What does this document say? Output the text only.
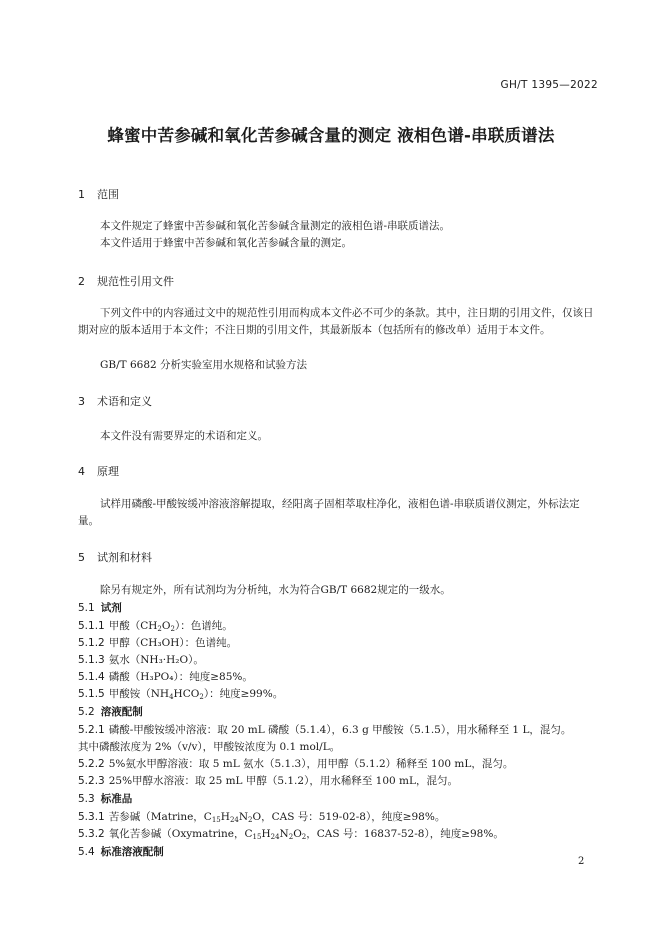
GH/T 1395—2022
蜂蜜中苦参碱和氧化苦参碱含量的测定 液相色谱-串联质谱法
1 范围
本文件规定了蜂蜜中苦参碱和氧化苦参碱含量测定的液相色谱-串联质谱法。
本文件适用于蜂蜜中苦参碱和氧化苦参碱含量的测定。
2 规范性引用文件
下列文件中的内容通过文中的规范性引用而构成本文件必不可少的条款。其中，注日期的引用文件，仅该日期对应的版本适用于本文件；不注日期的引用文件，其最新版本（包括所有的修改单）适用于本文件。
GB/T 6682 分析实验室用水规格和试验方法
3 术语和定义
本文件没有需要界定的术语和定义。
4 原理
试样用磷酸-甲酸铵缓冲溶液溶解提取，经阳离子固相萃取柱净化，液相色谱-串联质谱仪测定，外标法定量。
5 试剂和材料
除另有规定外，所有试剂均为分析纯，水为符合GB/T 6682规定的一级水。
5.1 试剂
5.1.1 甲酸$(CH_2O_2)$：色谱纯。
5.1.2 甲醇（CH₃OH）：色谱纯。
5.1.3 氨水（NH₃·H₂O）。
5.1.4 磷酸（H₃PO₄）：纯度≥85%。
5.1.5 甲酸铵$(NH_4HCO_2)$：纯度≥99%。
5.2 溶液配制
5.2.1 磷酸-甲酸铵缓冲溶液：取 20 mL 磷酸（5.1.4），6.3 g 甲酸铵（5.1.5），用水稀释至 1 L，混匀。
其中磷酸浓度为 2%（v/v），甲酸铵浓度为 0.1 mol/L。
5.2.2 5%氨水甲醇溶液：取 5 mL 氨水（5.1.3），用甲醇（5.1.2）稀释至 100 mL，混匀。
5.2.3 25%甲醇水溶液：取 25 mL 甲醇（5.1.2），用水稀释至 100 mL，混匀。
5.3 标准品
5.3.1 苦参碱（Matrine，$C_{15}H_{24}N_2O$，CAS 号：519-02-8），纯度≥98%。
5.3.2 氧化苦参碱（Oxymatrine，$C_{15}H_{24}N_2O_2$，CAS 号：16837-52-8），纯度≥98%。
5.4 标准溶液配制
2
